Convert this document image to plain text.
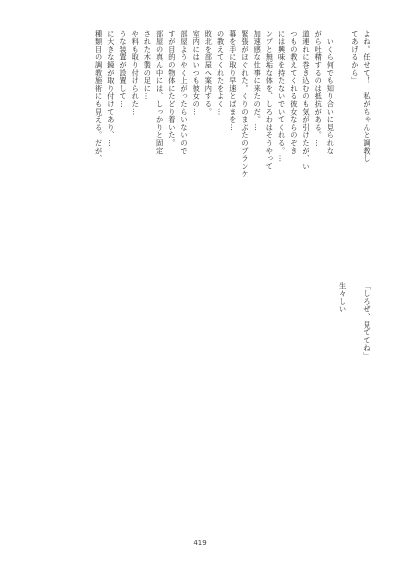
よね。任せて！　私がちゃんと調教し
てあげるから」
　いくら何でも知り合いに見られな
がら吐精するのは抵抗がある。…
道連れに巻き込むのも気が引けたが、い
つもの教えてくれる彼女ならのぞき
には興味を持たないでいてくれる。…
ンプと無垢な体を、しろわはそうやって
加速感な仕事に来たのだ。…
緊張がほぐれた。くりのまぶたのブランケ
幕を手に取り早速とばまを…
の教えてくれたをよく…
敗北を部屋へ案内する。
室内にはいつも彼女の…
部屋ようやく上がったらいないので
すが目的の物体にたどり着いた。
部屋の真ん中には、しっかりと固定
された木製の足に…
や料も取り付けられた…
うな装置が設置して…
に大きな鏡が取り付けてあり、…
種類目の調教施術にも見える。だが、
「しろぜ、見ててね」
生々しい
419
